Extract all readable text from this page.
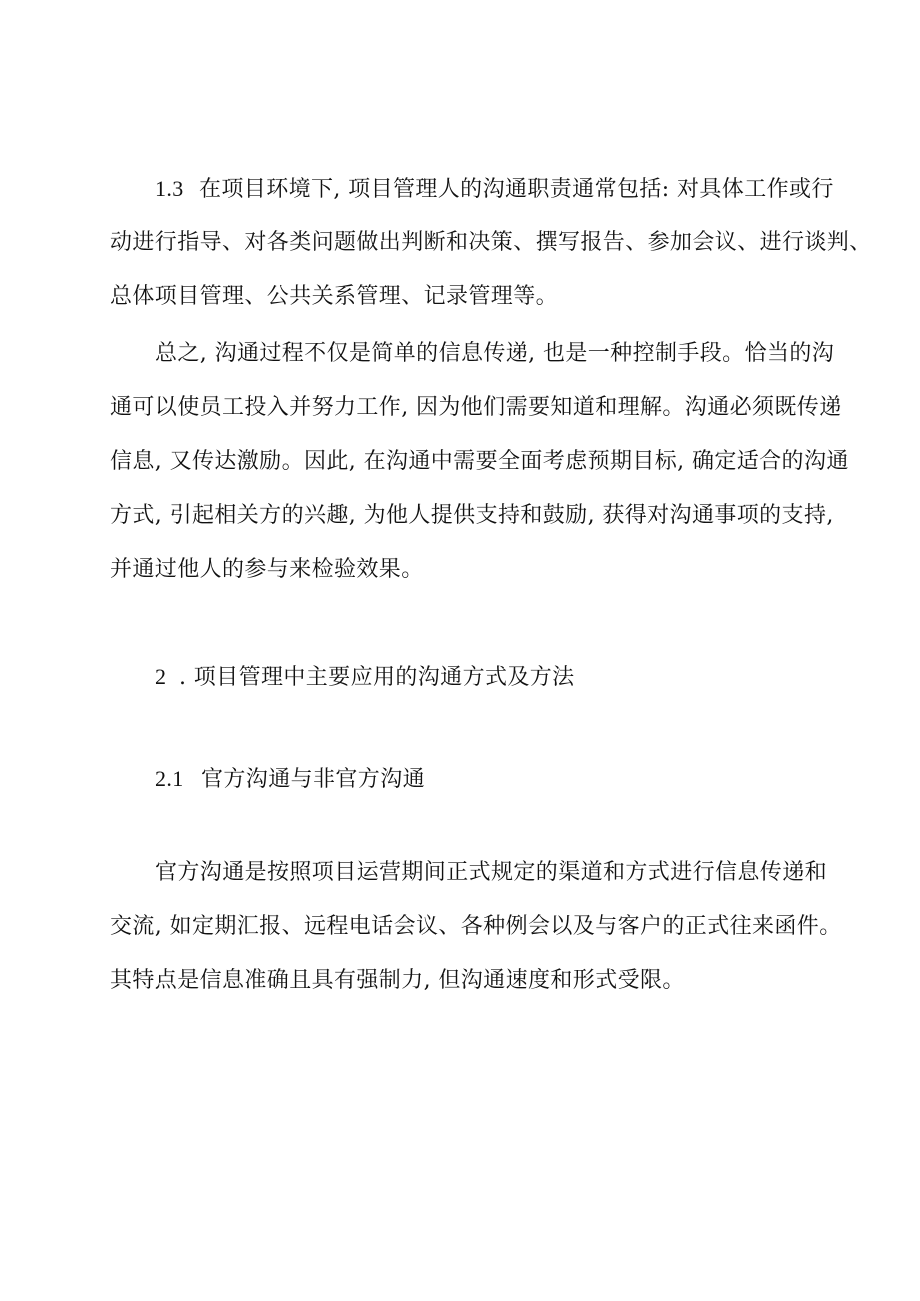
1.3 在项目环境下, 项目管理人的沟通职责通常包括: 对具体工作或行
动进行指导、对各类问题做出判断和决策、撰写报告、参加会议、进行谈判、
总体项目管理、公共关系管理、记录管理等。
总之, 沟通过程不仅是简单的信息传递, 也是一种控制手段。恰当的沟
通可以使员工投入并努力工作, 因为他们需要知道和理解。沟通必须既传递
信息, 又传达激励。因此, 在沟通中需要全面考虑预期目标, 确定适合的沟通
方式, 引起相关方的兴趣, 为他人提供支持和鼓励, 获得对沟通事项的支持,
并通过他人的参与来检验效果。
2 . 项目管理中主要应用的沟通方式及方法
2.1 官方沟通与非官方沟通
官方沟通是按照项目运营期间正式规定的渠道和方式进行信息传递和
交流, 如定期汇报、远程电话会议、各种例会以及与客户的正式往来函件。
其特点是信息准确且具有强制力, 但沟通速度和形式受限。
